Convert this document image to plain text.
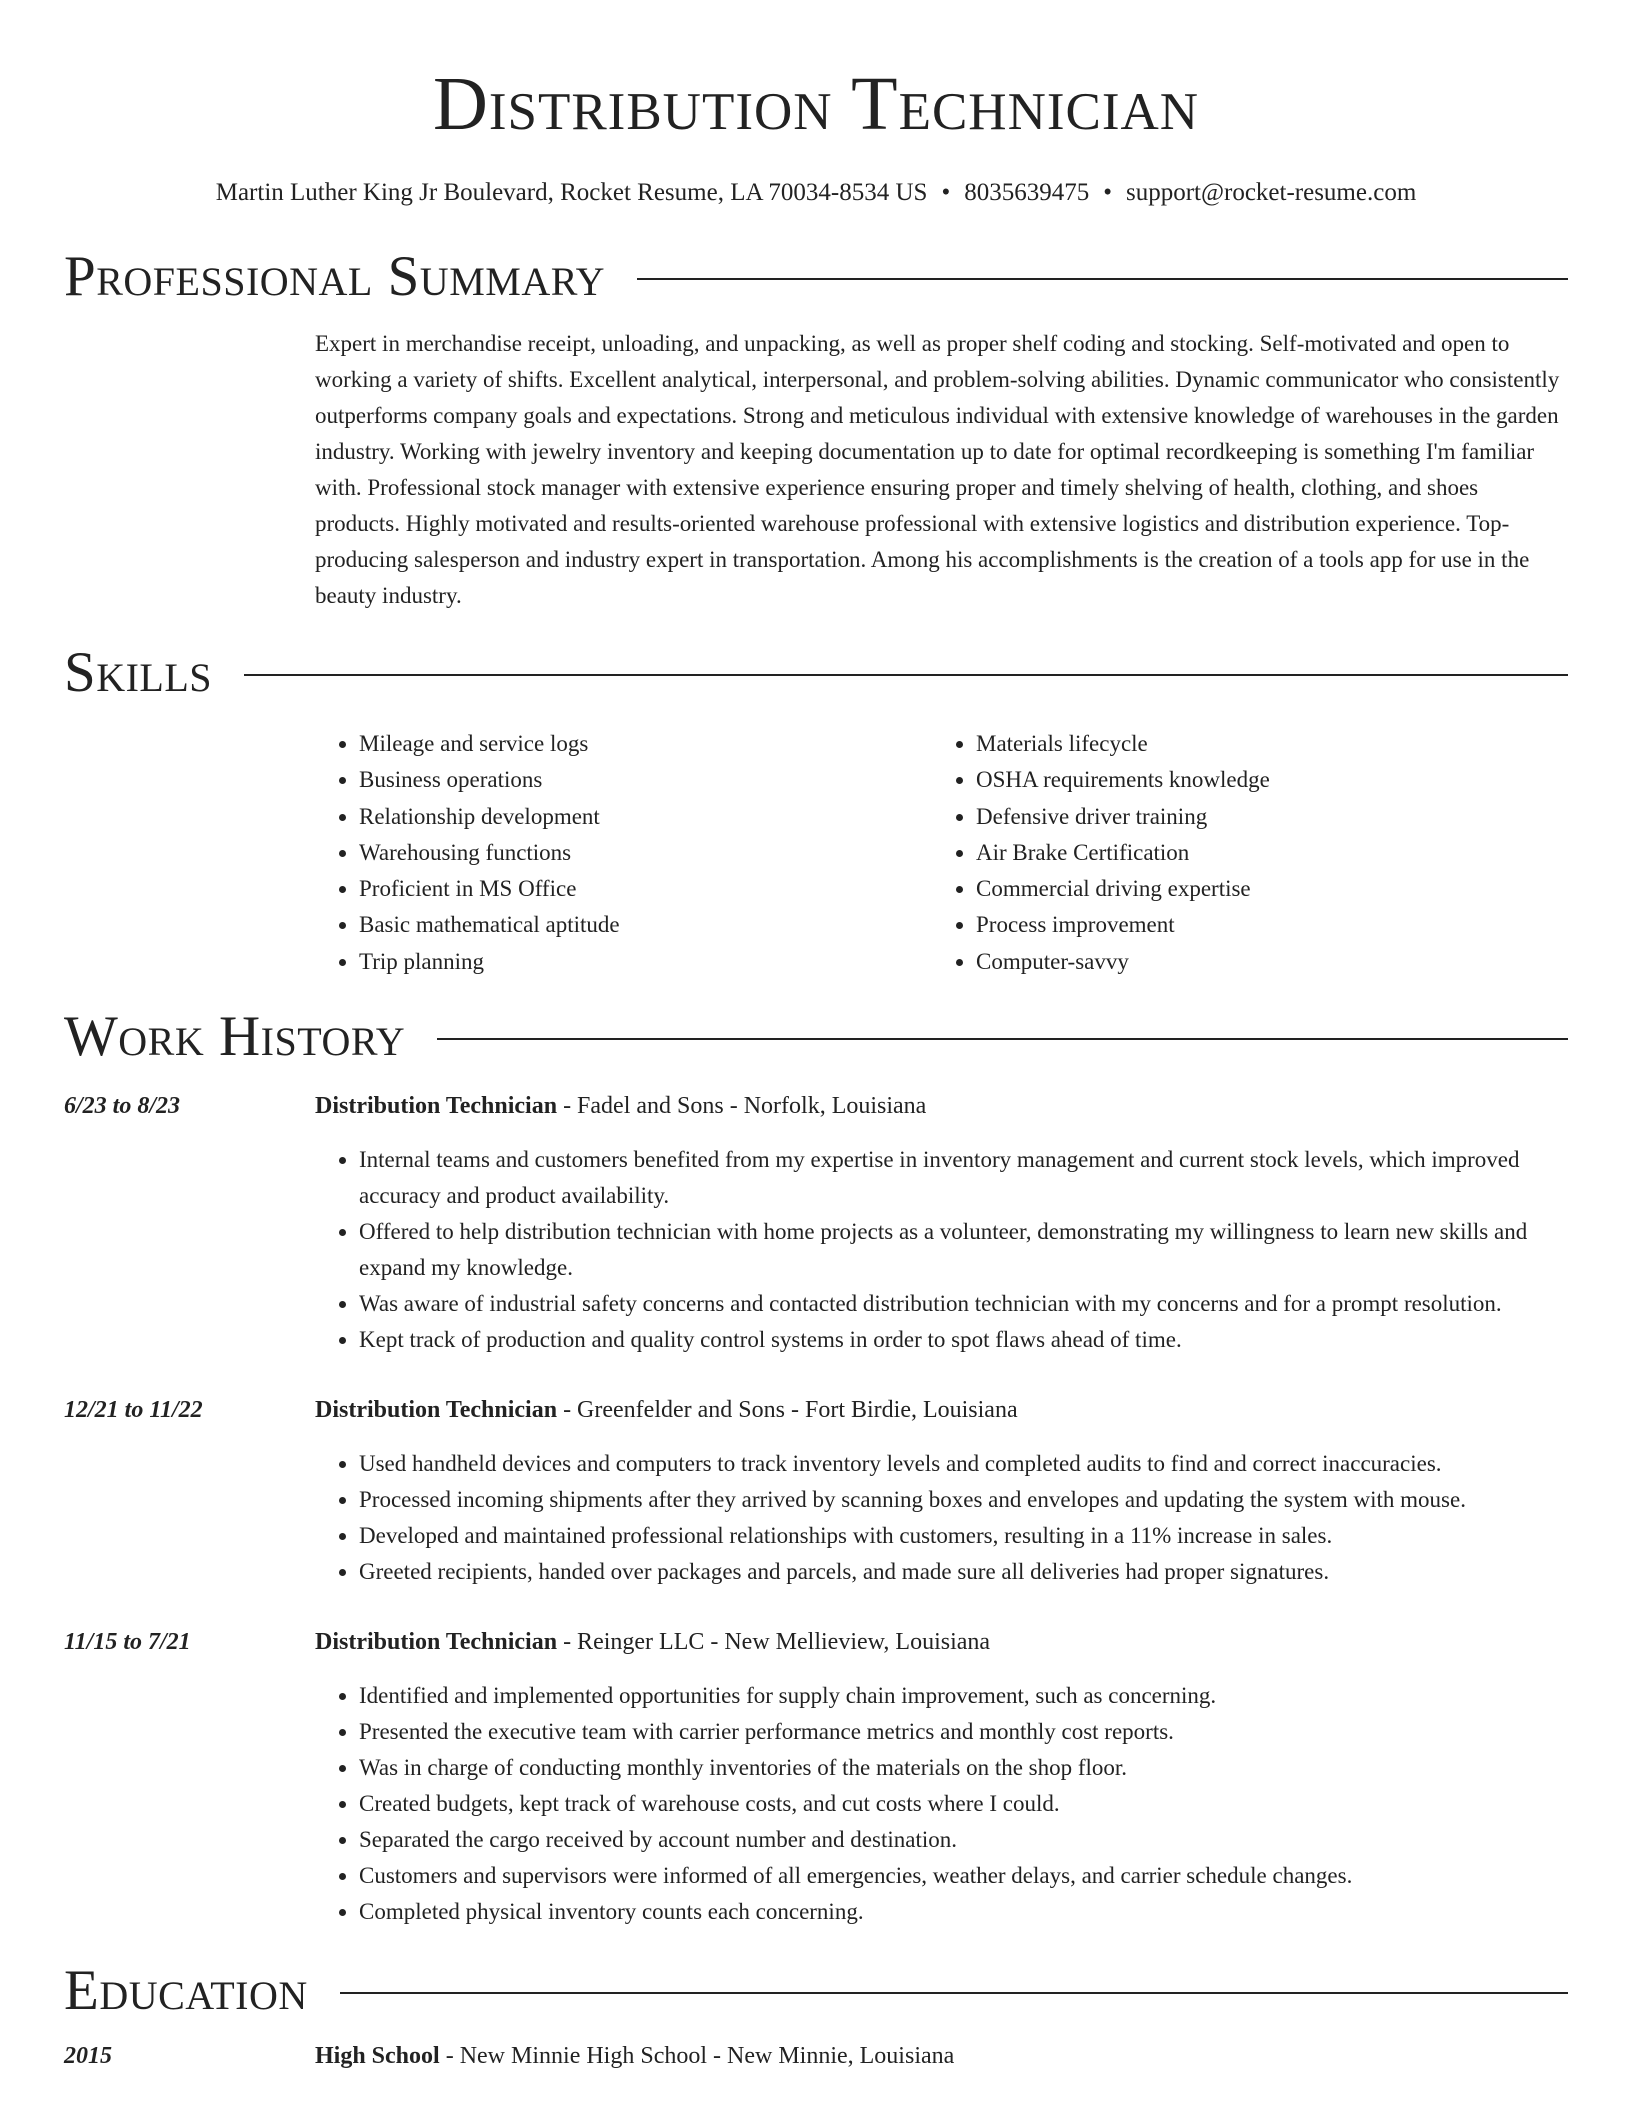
Distribution Technician
Martin Luther King Jr Boulevard, Rocket Resume, LA 70034-8534 US • 8035639475 • support@rocket-resume.com
Professional Summary
Expert in merchandise receipt, unloading, and unpacking, as well as proper shelf coding and stocking. Self-motivated and open to working a variety of shifts. Excellent analytical, interpersonal, and problem-solving abilities. Dynamic communicator who consistently outperforms company goals and expectations. Strong and meticulous individual with extensive knowledge of warehouses in the garden industry. Working with jewelry inventory and keeping documentation up to date for optimal recordkeeping is something I'm familiar with. Professional stock manager with extensive experience ensuring proper and timely shelving of health, clothing, and shoes products. Highly motivated and results-oriented warehouse professional with extensive logistics and distribution experience. Top-producing salesperson and industry expert in transportation. Among his accomplishments is the creation of a tools app for use in the beauty industry.
Skills
• Mileage and service logs
• Business operations
• Relationship development
• Warehousing functions
• Proficient in MS Office
• Basic mathematical aptitude
• Trip planning
• Materials lifecycle
• OSHA requirements knowledge
• Defensive driver training
• Air Brake Certification
• Commercial driving expertise
• Process improvement
• Computer-savvy
Work History
6/23 to 8/23	Distribution Technician - Fadel and Sons - Norfolk, Louisiana
• Internal teams and customers benefited from my expertise in inventory management and current stock levels, which improved accuracy and product availability.
• Offered to help distribution technician with home projects as a volunteer, demonstrating my willingness to learn new skills and expand my knowledge.
• Was aware of industrial safety concerns and contacted distribution technician with my concerns and for a prompt resolution.
• Kept track of production and quality control systems in order to spot flaws ahead of time.
12/21 to 11/22	Distribution Technician - Greenfelder and Sons - Fort Birdie, Louisiana
• Used handheld devices and computers to track inventory levels and completed audits to find and correct inaccuracies.
• Processed incoming shipments after they arrived by scanning boxes and envelopes and updating the system with mouse.
• Developed and maintained professional relationships with customers, resulting in a 11% increase in sales.
• Greeted recipients, handed over packages and parcels, and made sure all deliveries had proper signatures.
11/15 to 7/21	Distribution Technician - Reinger LLC - New Mellieview, Louisiana
• Identified and implemented opportunities for supply chain improvement, such as concerning.
• Presented the executive team with carrier performance metrics and monthly cost reports.
• Was in charge of conducting monthly inventories of the materials on the shop floor.
• Created budgets, kept track of warehouse costs, and cut costs where I could.
• Separated the cargo received by account number and destination.
• Customers and supervisors were informed of all emergencies, weather delays, and carrier schedule changes.
• Completed physical inventory counts each concerning.
Education
2015	High School - New Minnie High School - New Minnie, Louisiana
